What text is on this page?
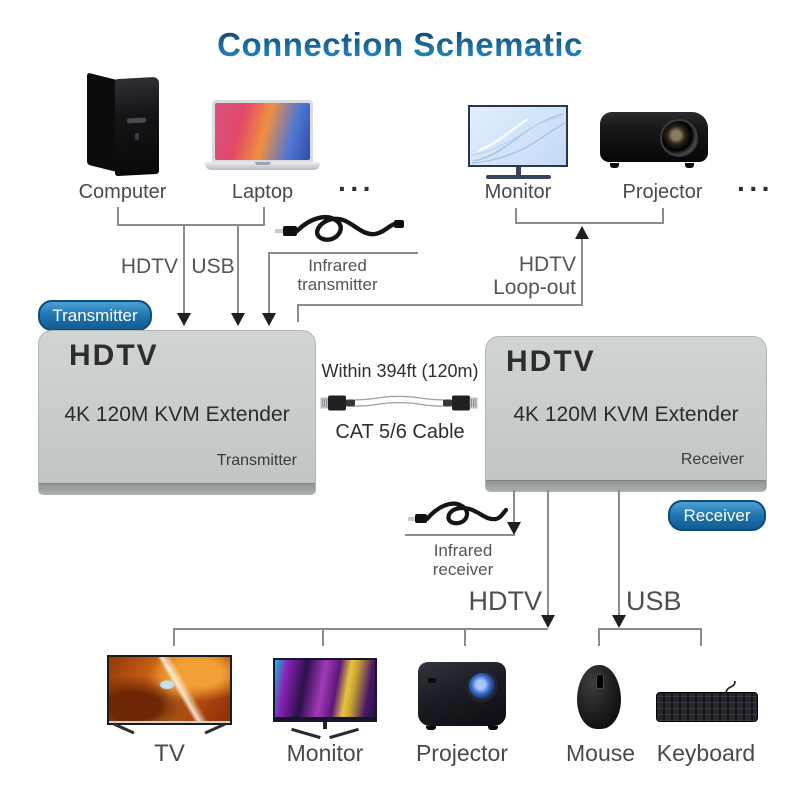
Connection Schematic
Computer	Laptop	···	Monitor	Projector	···
HDTV USB	Infrared
transmitter
HDTV
Loop-out
Transmitter
HDTV
4K 120M KVM Extender
Transmitter
Within 394ft (120m)
CAT 5/6 Cable
HDTV
4K 120M KVM Extender
Receiver
Receiver
Infrared
receiver
HDTV	USB
TV	Monitor	Projector	Mouse Keyboard
